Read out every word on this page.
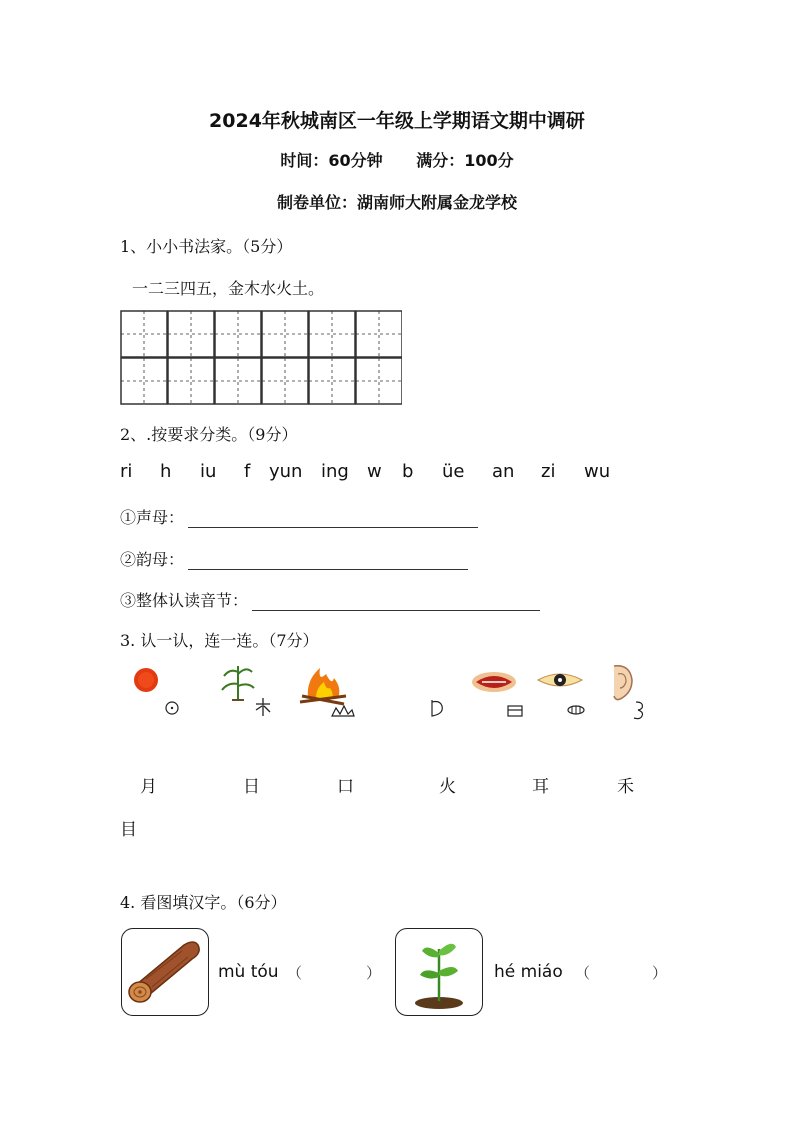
2024年秋城南区一年级上学期语文期中调研
时间：60分钟 满分：100分
制卷单位：湖南师大附属金龙学校
1、小小书法家。（5分）
一二三四五，金木水火土。
2、.按要求分类。（9分）
ri h iu f yun ing w b üe an zi wu
①声母：
②韵母：
③整体认读音节：
3. 认一认，连一连。（7分）
月	日	口	火	耳	禾
目
4. 看图填汉字。（6分）
mù tóu （	）	hé miáo （	）
